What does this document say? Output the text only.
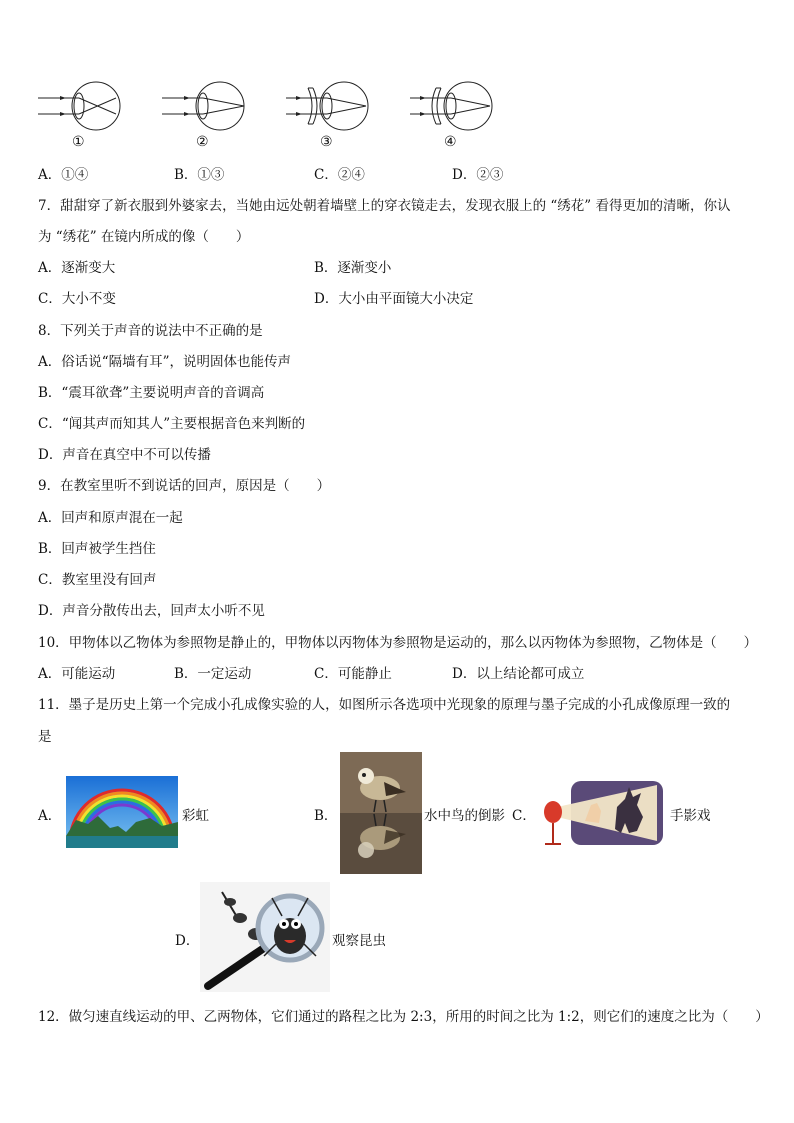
①	②	③	④
A．①④	B．①③	C．②④	D．②③
7．甜甜穿了新衣服到外婆家去，当她由远处朝着墙壁上的穿衣镜走去，发现衣服上的 “绣花” 看得更加的清晰，你认
为 “绣花” 在镜内所成的像（　　）
A．逐渐变大	B．逐渐变小
C．大小不变	D．大小由平面镜大小决定
8．下列关于声音的说法中不正确的是
A．俗话说“隔墙有耳”，说明固体也能传声
B．“震耳欲聋”主要说明声音的音调高
C．“闻其声而知其人”主要根据音色来判断的
D．声音在真空中不可以传播
9．在教室里听不到说话的回声，原因是（　　）
A．回声和原声混在一起
B．回声被学生挡住
C．教室里没有回声
D．声音分散传出去，回声太小听不见
10．甲物体以乙物体为参照物是静止的，甲物体以丙物体为参照物是运动的，那么以丙物体为参照物，乙物体是（　　）
A．可能运动	B．一定运动	C．可能静止	D．以上结论都可成立
11．墨子是历史上第一个完成小孔成像实验的人，如图所示各选项中光现象的原理与墨子完成的小孔成像原理一致的
是
A．	彩虹	B．	水中鸟的倒影 C．	手影戏
D．	观察昆虫
12．做匀速直线运动的甲、乙两物体，它们通过的路程之比为 2:3，所用的时间之比为 1:2，则它们的速度之比为（　　）
